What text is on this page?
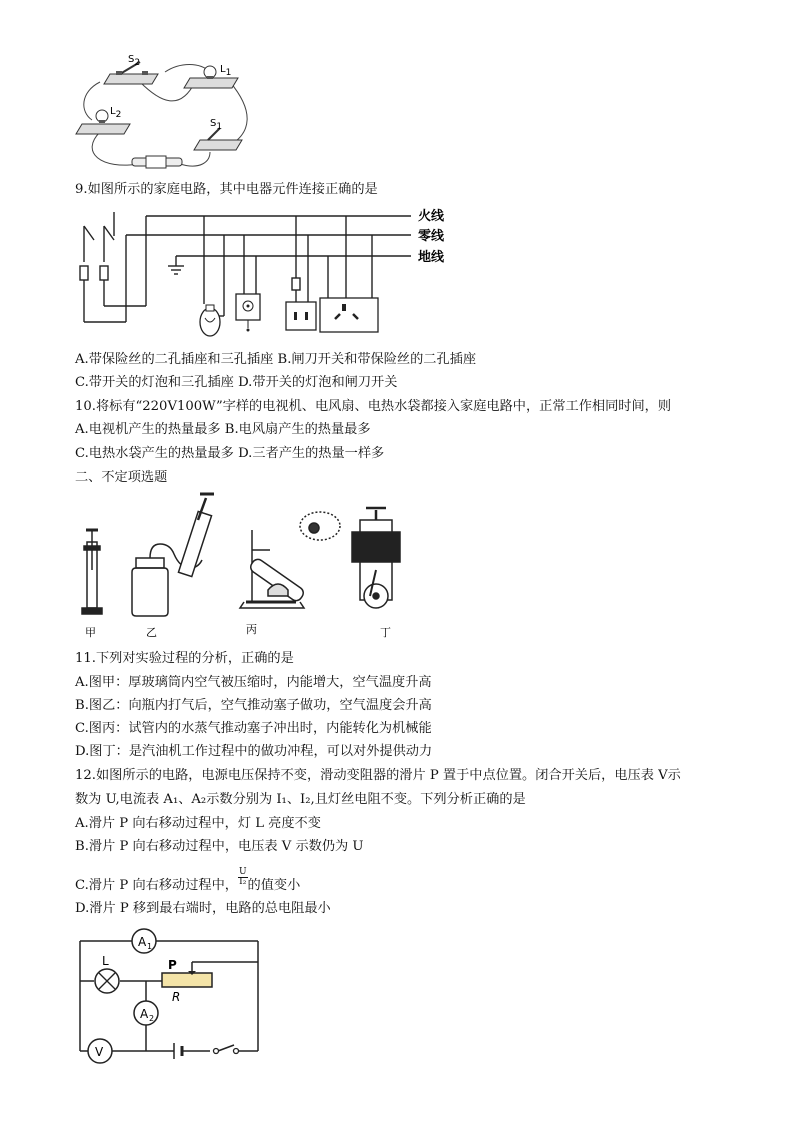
S2
L1
L2
S1
9.如图所示的家庭电路，其中电器元件连接正确的是
火线
零线
地线
A.带保险丝的二孔插座和三孔插座 B.闸刀开关和带保险丝的二孔插座
C.带开关的灯泡和三孔插座 D.带开关的灯泡和闸刀开关
10.将标有“220V100W”字样的电视机、电风扇、电热水袋都接入家庭电路中，正常工作相同时间，则
A.电视机产生的热量最多 B.电风扇产生的热量最多
C.电热水袋产生的热量最多 D.三者产生的热量一样多
二、不定项选题
甲	乙	丙	丁
11.下列对实验过程的分析，正确的是
A.图甲：厚玻璃筒内空气被压缩时，内能增大，空气温度升高
B.图乙：向瓶内打气后，空气推动塞子做功，空气温度会升高
C.图丙：试管内的水蒸气推动塞子冲出时，内能转化为机械能
D.图丁：是汽油机工作过程中的做功冲程，可以对外提供动力
12.如图所示的电路，电源电压保持不变，滑动变阻器的滑片 P 置于中点位置。闭合开关后，电压表 V示
数为 U,电流表 A₁、A₂示数分别为 I₁、I₂,且灯丝电阻不变。下列分析正确的是
A.滑片 P 向右移动过程中，灯 L 亮度不变
B.滑片 P 向右移动过程中，电压表 V 示数仍为 U
C.滑片 P 向右移动过程中， $\frac{U}{\text{I₂}}$ 的值变小
D.滑片 P 移到最右端时，电路的总电阻最小
A 1
L	P
R
A 2
V
